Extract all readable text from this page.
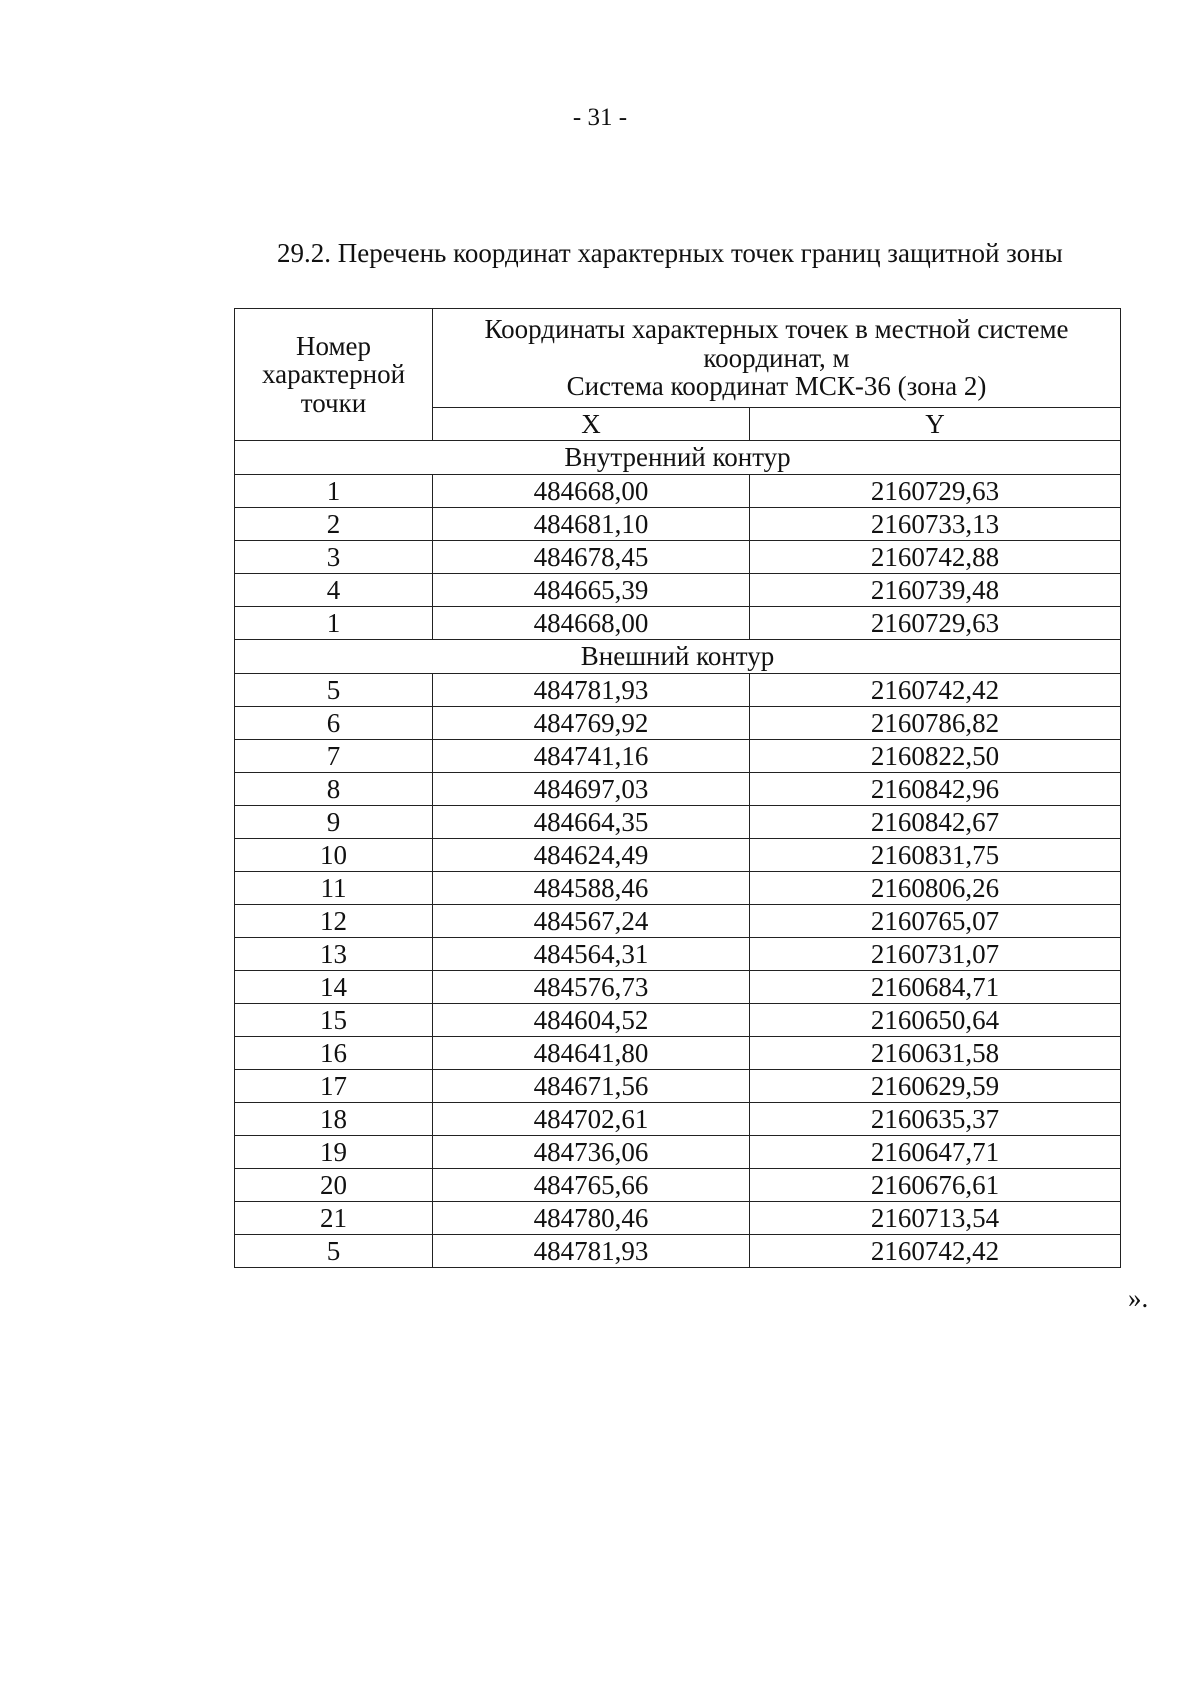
- 31 -
29.2. Перечень координат характерных точек границ защитной зоны
Номер характерной точки	Координаты характерных точек в местной системе координат, м
Система координат МСК-36 (зона 2)	

	X	Y
Внутренний контур		
1	484668,00	2160729,63
2	484681,10	2160733,13
3	484678,45	2160742,88
4	484665,39	2160739,48
1	484668,00	2160729,63
Внешний контур		
5	484781,93	2160742,42
6	484769,92	2160786,82
7	484741,16	2160822,50
8	484697,03	2160842,96
9	484664,35	2160842,67
10	484624,49	2160831,75
11	484588,46	2160806,26
12	484567,24	2160765,07
13	484564,31	2160731,07
14	484576,73	2160684,71
15	484604,52	2160650,64
16	484641,80	2160631,58
17	484671,56	2160629,59
18	484702,61	2160635,37
19	484736,06	2160647,71
20	484765,66	2160676,61
21	484780,46	2160713,54
5	484781,93	2160742,42
».
